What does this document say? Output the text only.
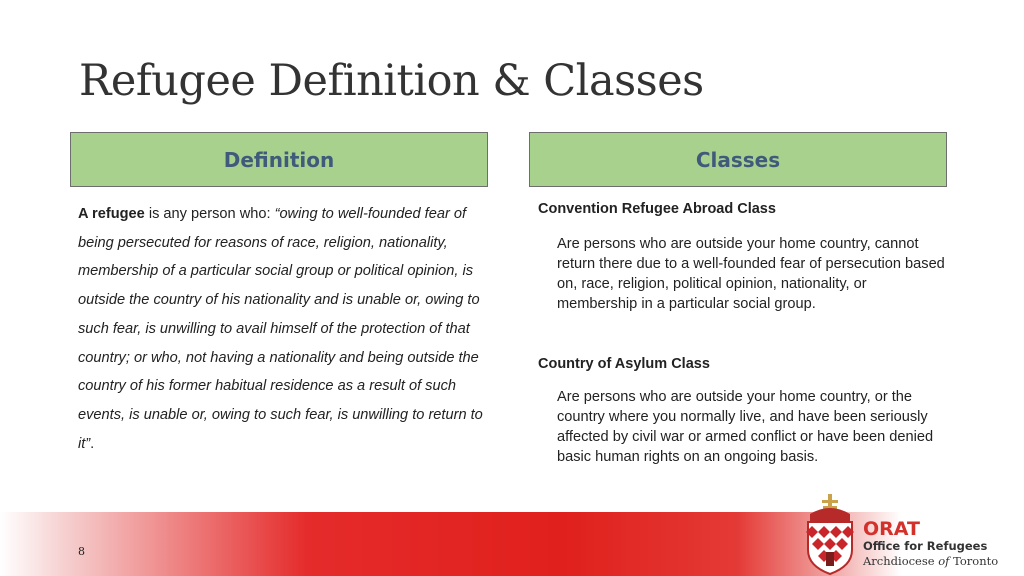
Refugee Definition & Classes
Definition	Classes
A refugee is any person who: “owing to well-founded fear of being persecuted for reasons of race, religion, nationality, membership of a particular social group or political opinion, is outside the country of his nationality and is unable or, owing to such fear, is unwilling to avail himself of the protection of that country; or who, not having a nationality and being outside the country of his former habitual residence as a result of such events, is unable or, owing to such fear, is unwilling to return to it”.
Convention Refugee Abroad Class
Are persons who are outside your home country, cannot return there due to a well-founded fear of persecution based on, race, religion, political opinion, nationality, or membership in a particular social group.
Country of Asylum Class
Are persons who are outside your home country, or the country where you normally live, and have been seriously affected by civil war or armed conflict or have been denied basic human rights on an ongoing basis.
8
ORAT
Office for Refugees
Archdiocese of Toronto
